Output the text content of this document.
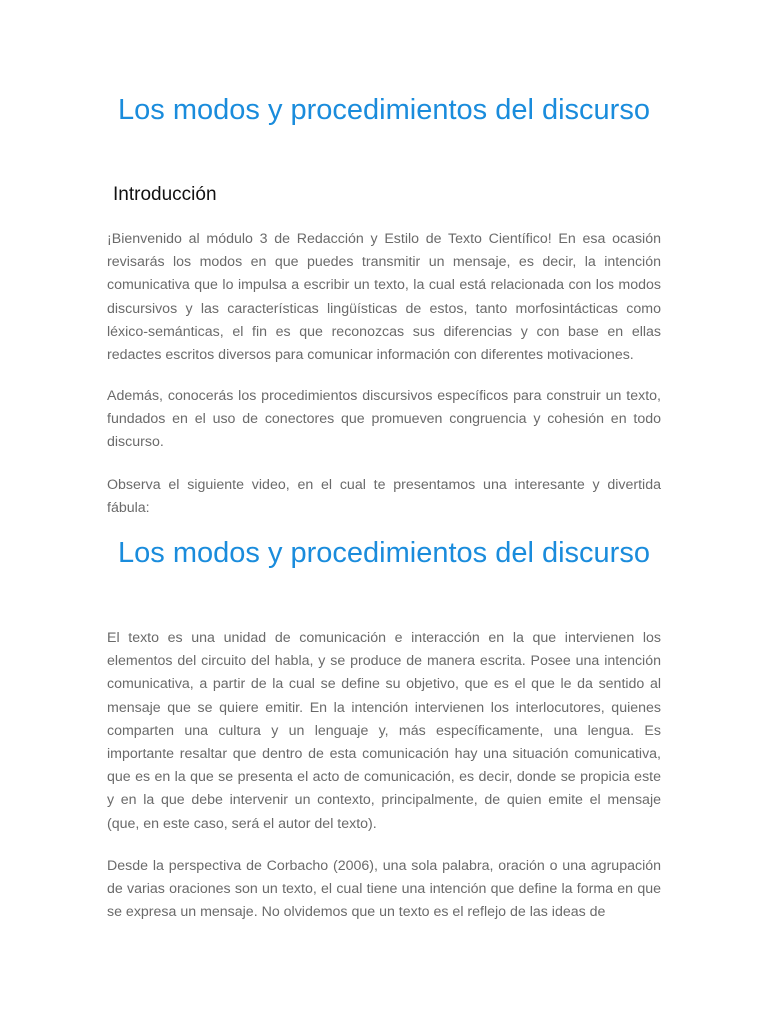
Los modos y procedimientos del discurso
Introducción

¡Bienvenido al módulo 3 de Redacción y Estilo de Texto Científico! En esa ocasión revisarás los modos en que puedes transmitir un mensaje, es decir, la intención comunicativa que lo impulsa a escribir un texto, la cual está relacionada con los modos discursivos y las características lingüísticas de estos, tanto morfosintácticas como léxico-semánticas, el fin es que reconozcas sus diferencias y con base en ellas redactes escritos diversos para comunicar información con diferentes motivaciones.

Además, conocerás los procedimientos discursivos específicos para construir un texto, fundados en el uso de conectores que promueven congruencia y cohesión en todo discurso.

Observa el siguiente video, en el cual te presentamos una interesante y divertida fábula:

Los modos y procedimientos del discurso

El texto es una unidad de comunicación e interacción en la que intervienen los elementos del circuito del habla, y se produce de manera escrita. Posee una intención comunicativa, a partir de la cual se define su objetivo, que es el que le da sentido al mensaje que se quiere emitir. En la intención intervienen los interlocutores, quienes comparten una cultura y un lenguaje y, más específicamente, una lengua. Es importante resaltar que dentro de esta comunicación hay una situación comunicativa, que es en la que se presenta el acto de comunicación, es decir, donde se propicia este y en la que debe intervenir un contexto, principalmente, de quien emite el mensaje (que, en este caso, será el autor del texto).

Desde la perspectiva de Corbacho (2006), una sola palabra, oración o una agrupación de varias oraciones son un texto, el cual tiene una intención que define la forma en que se expresa un mensaje. No olvidemos que un texto es el reflejo de las ideas de
